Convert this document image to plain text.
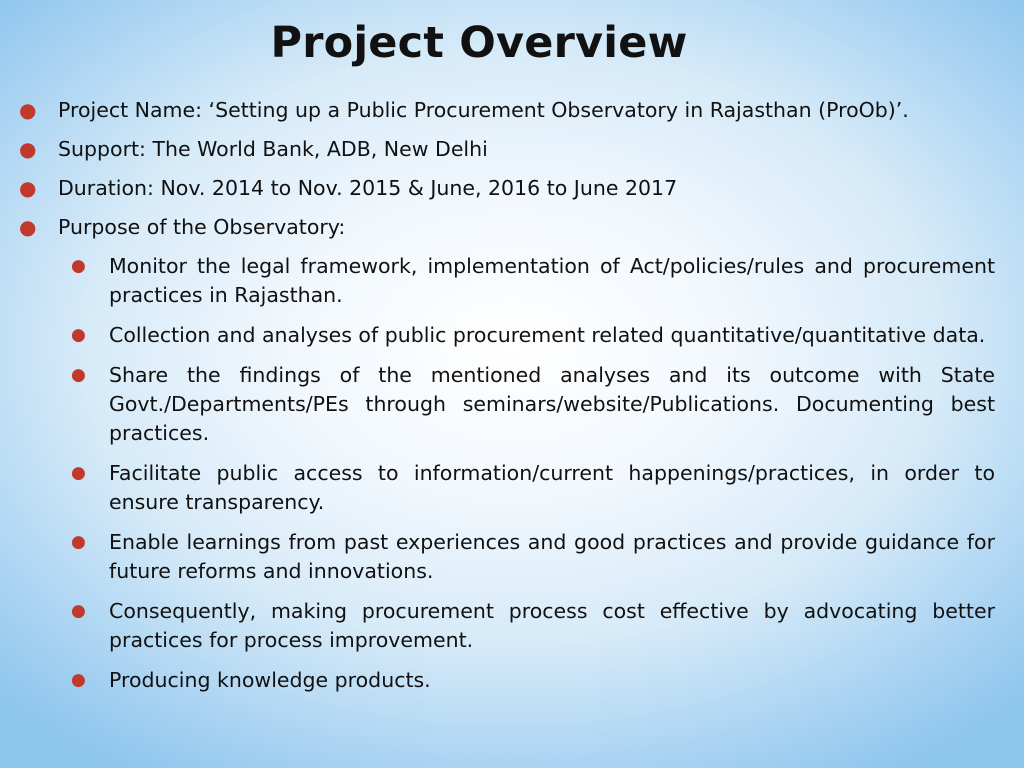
Project Overview
● Project Name: ‘Setting up a Public Procurement Observatory in Rajasthan (ProOb)’.
● Support: The World Bank, ADB, New Delhi
● Duration: Nov. 2014 to Nov. 2015 & June, 2016 to June 2017
● Purpose of the Observatory:
● Monitor the legal framework, implementation of Act/policies/rules and procurement practices in Rajasthan.
● Collection and analyses of public procurement related quantitative/quantitative data.
● Share the findings of the mentioned analyses and its outcome with State Govt./Departments/PEs through seminars/website/Publications. Documenting best practices.
● Facilitate public access to information/current happenings/practices, in order to ensure transparency.
● Enable learnings from past experiences and good practices and provide guidance for future reforms and innovations.
● Consequently, making procurement process cost effective by advocating better practices for process improvement.
● Producing knowledge products.
